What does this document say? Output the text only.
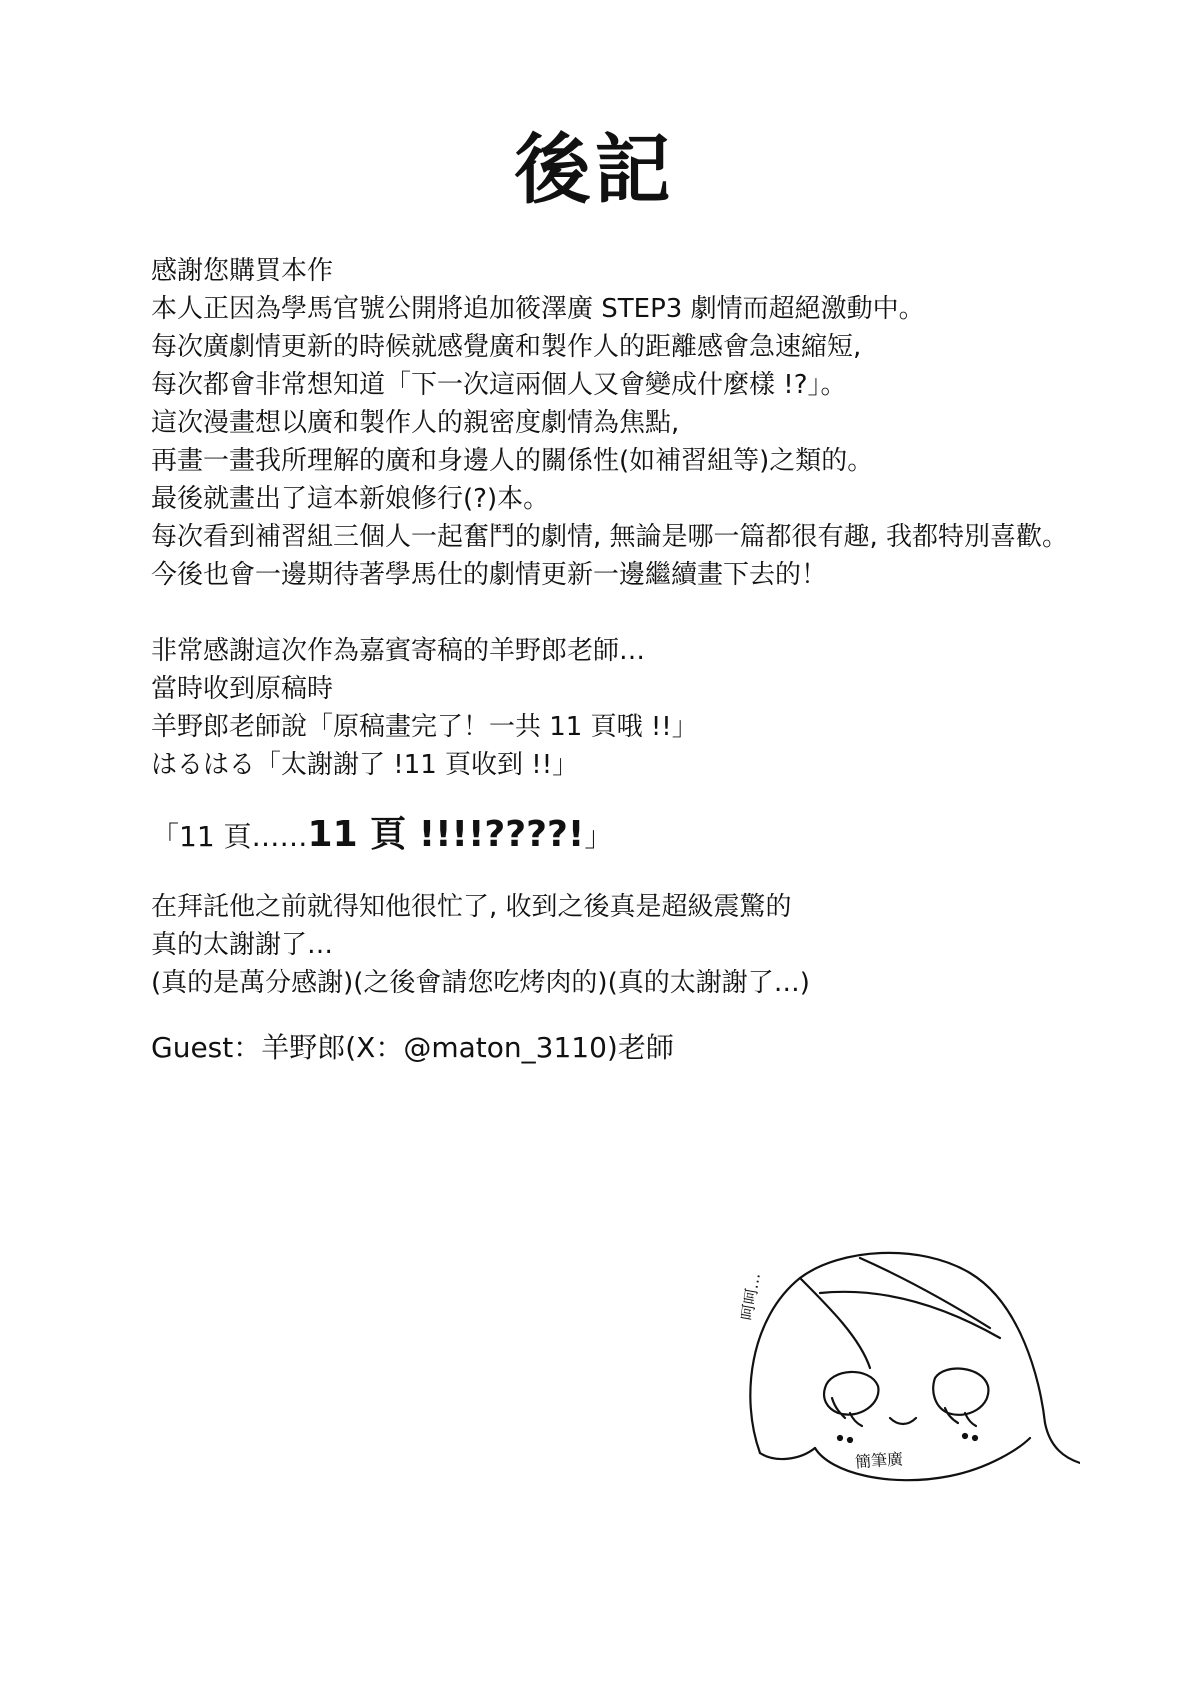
後記
感謝您購買本作
本人正因為學馬官號公開將追加筱澤廣 STEP3 劇情而超絕激動中。
每次廣劇情更新的時候就感覺廣和製作人的距離感會急速縮短,
每次都會非常想知道「下一次這兩個人又會變成什麼樣 !?」。
這次漫畫想以廣和製作人的親密度劇情為焦點,
再畫一畫我所理解的廣和身邊人的關係性(如補習組等)之類的。
最後就畫出了這本新娘修行(?)本。
每次看到補習組三個人一起奮鬥的劇情, 無論是哪一篇都很有趣, 我都特別喜歡。
今後也會一邊期待著學馬仕的劇情更新一邊繼續畫下去的！
非常感謝這次作為嘉賓寄稿的羊野郎老師…
當時收到原稿時
羊野郎老師說「原稿畫完了！一共 11 頁哦 !!」
はるはる「太謝謝了 !11 頁收到 !!」
「11 頁……11 頁 !!!!????!」
在拜託他之前就得知他很忙了, 收到之後真是超級震驚的
真的太謝謝了…
(真的是萬分感謝)(之後會請您吃烤肉的)(真的太謝謝了…)
Guest：羊野郎(X：@maton_3110)老師
呵呵…
簡筆廣
